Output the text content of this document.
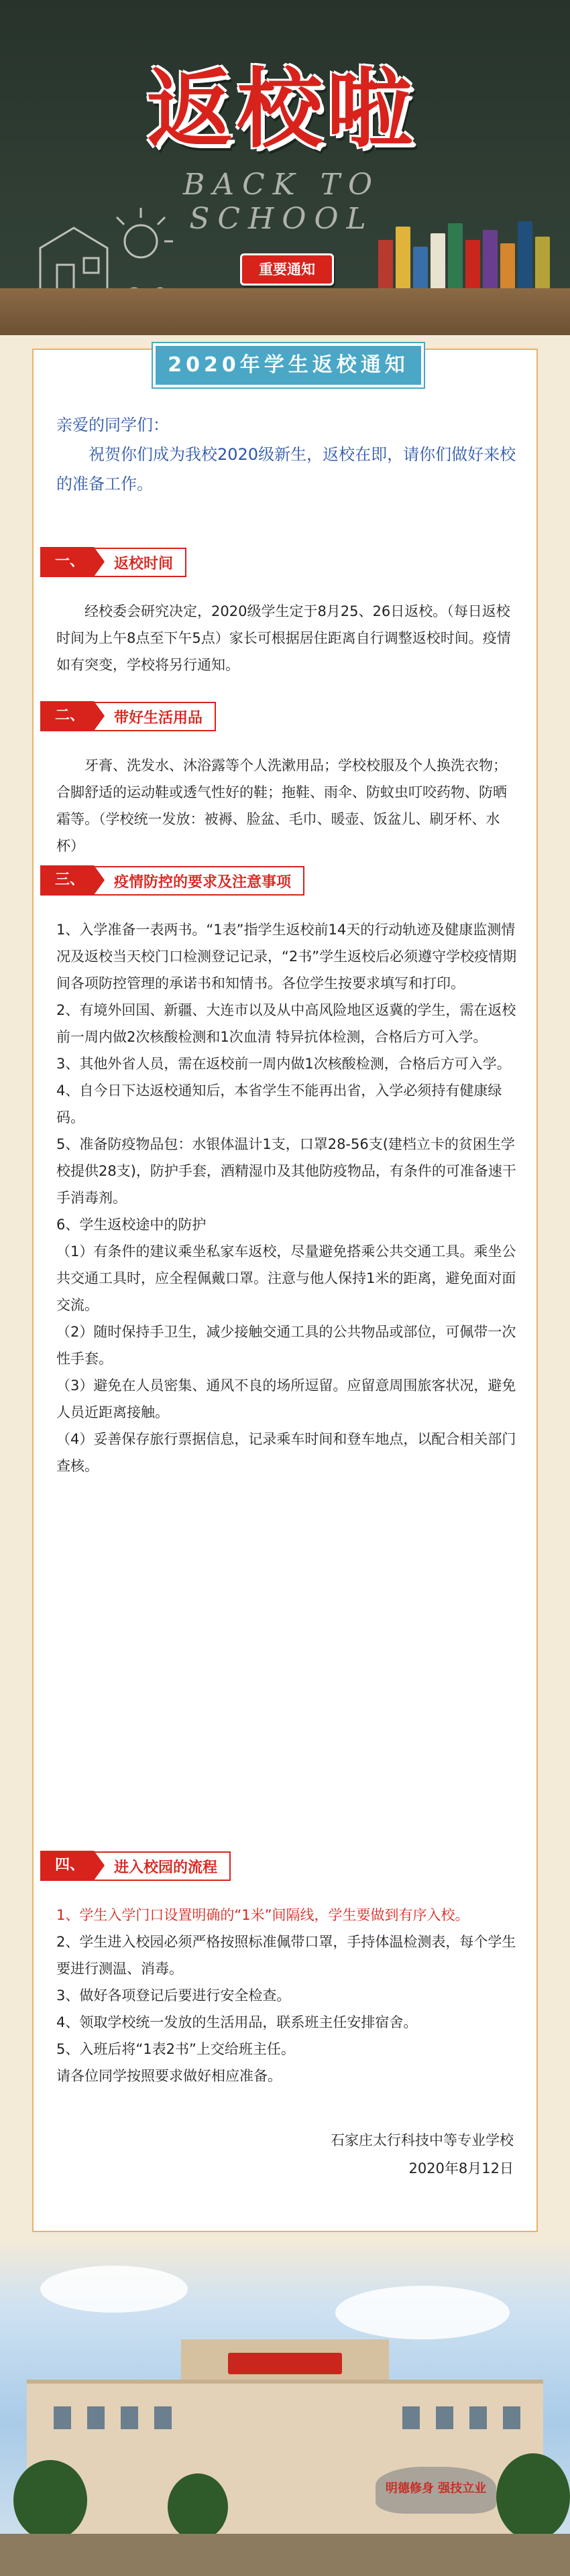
返校啦
BACK TO SCHOOL
重要通知
2020年学生返校通知

亲爱的同学们：

祝贺你们成为我校2020级新生，返校在即，请你们做好来校的准备工作。

一、	返校时间

经校委会研究决定，2020级学生定于8月25、26日返校。（每日返校时间为上午8点至下午5点）家长可根据居住距离自行调整返校时间。疫情如有突变，学校将另行通知。

二、	带好生活用品

牙膏、洗发水、沐浴露等个人洗漱用品；学校校服及个人换洗衣物；合脚舒适的运动鞋或透气性好的鞋；拖鞋、雨伞、防蚊虫叮咬药物、防晒霜等。（学校统一发放：被褥、脸盆、毛巾、暖壶、饭盆儿、刷牙杯、水杯）

三、	疫情防控的要求及注意事项

1、入学准备一表两书。“1表”指学生返校前14天的行动轨迹及健康监测情况及返校当天校门口检测登记记录，“2书”学生返校后必须遵守学校疫情期间各项防控管理的承诺书和知情书。各位学生按要求填写和打印。

2、有境外回国、新疆、大连市以及从中高风险地区返冀的学生，需在返校前一周内做2次核酸检测和1次血清 特异抗体检测，合格后方可入学。

3、其他外省人员，需在返校前一周内做1次核酸检测，合格后方可入学。

4、自今日下达返校通知后，本省学生不能再出省，入学必须持有健康绿码。

5、准备防疫物品包：水银体温计1支，口罩28-56支(建档立卡的贫困生学校提供28支)，防护手套，酒精湿巾及其他防疫物品，有条件的可准备速干手消毒剂。

6、学生返校途中的防护

（1）有条件的建议乘坐私家车返校，尽量避免搭乘公共交通工具。乘坐公共交通工具时，应全程佩戴口罩。注意与他人保持1米的距离，避免面对面交流。

（2）随时保持手卫生，减少接触交通工具的公共物品或部位，可佩带一次性手套。

（3）避免在人员密集、通风不良的场所逗留。应留意周围旅客状况，避免人员近距离接触。

（4）妥善保存旅行票据信息，记录乘车时间和登车地点，以配合相关部门查核。

四、	进入校园的流程

1、学生入学门口设置明确的“1米”间隔线，学生要做到有序入校。

2、学生进入校园必须严格按照标准佩带口罩，手持体温检测表，每个学生要进行测温、消毒。

3、做好各项登记后要进行安全检查。

4、领取学校统一发放的生活用品，联系班主任安排宿舍。

5、入班后将“1表2书”上交给班主任。

请各位同学按照要求做好相应准备。

石家庄太行科技中等专业学校
2020年8月12日
明德修身 强技立业
